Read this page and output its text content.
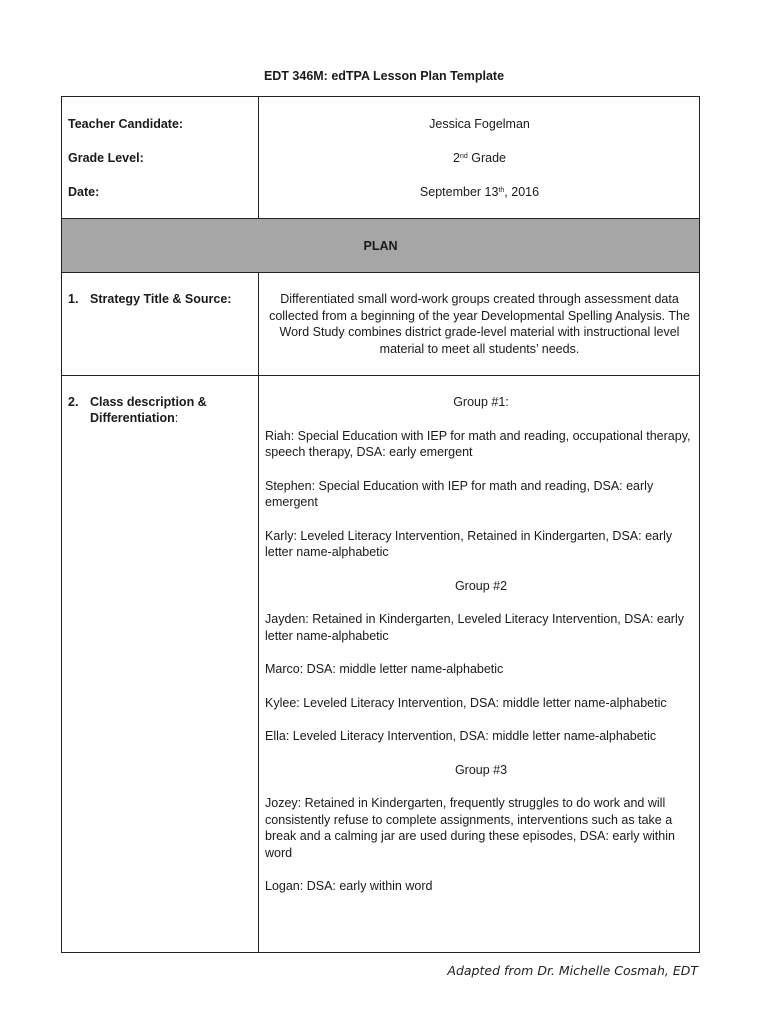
EDT 346M: edTPA Lesson Plan Template
Teacher Candidate:	Jessica Fogelman
Grade Level:	2nd Grade
Date:	September 13th, 2016
PLAN
1. Strategy Title & Source:	Differentiated small word-work groups created through assessment data collected from a beginning of the year Developmental Spelling Analysis. The Word Study combines district grade-level material with instructional level material to meet all students’ needs.
2. Class description &
Differentiation:
Group #1:
Riah: Special Education with IEP for math and reading, occupational therapy, speech therapy, DSA: early emergent
Stephen: Special Education with IEP for math and reading, DSA: early emergent
Karly: Leveled Literacy Intervention, Retained in Kindergarten, DSA: early letter name-alphabetic
Group #2
Jayden: Retained in Kindergarten, Leveled Literacy Intervention, DSA: early letter name-alphabetic
Marco: DSA: middle letter name-alphabetic
Kylee: Leveled Literacy Intervention, DSA: middle letter name-alphabetic
Ella: Leveled Literacy Intervention, DSA: middle letter name-alphabetic
Group #3
Jozey: Retained in Kindergarten, frequently struggles to do work and will consistently refuse to complete assignments, interventions such as take a break and a calming jar are used during these episodes, DSA: early within word
Logan: DSA: early within word
Adapted from Dr. Michelle Cosmah, EDT
